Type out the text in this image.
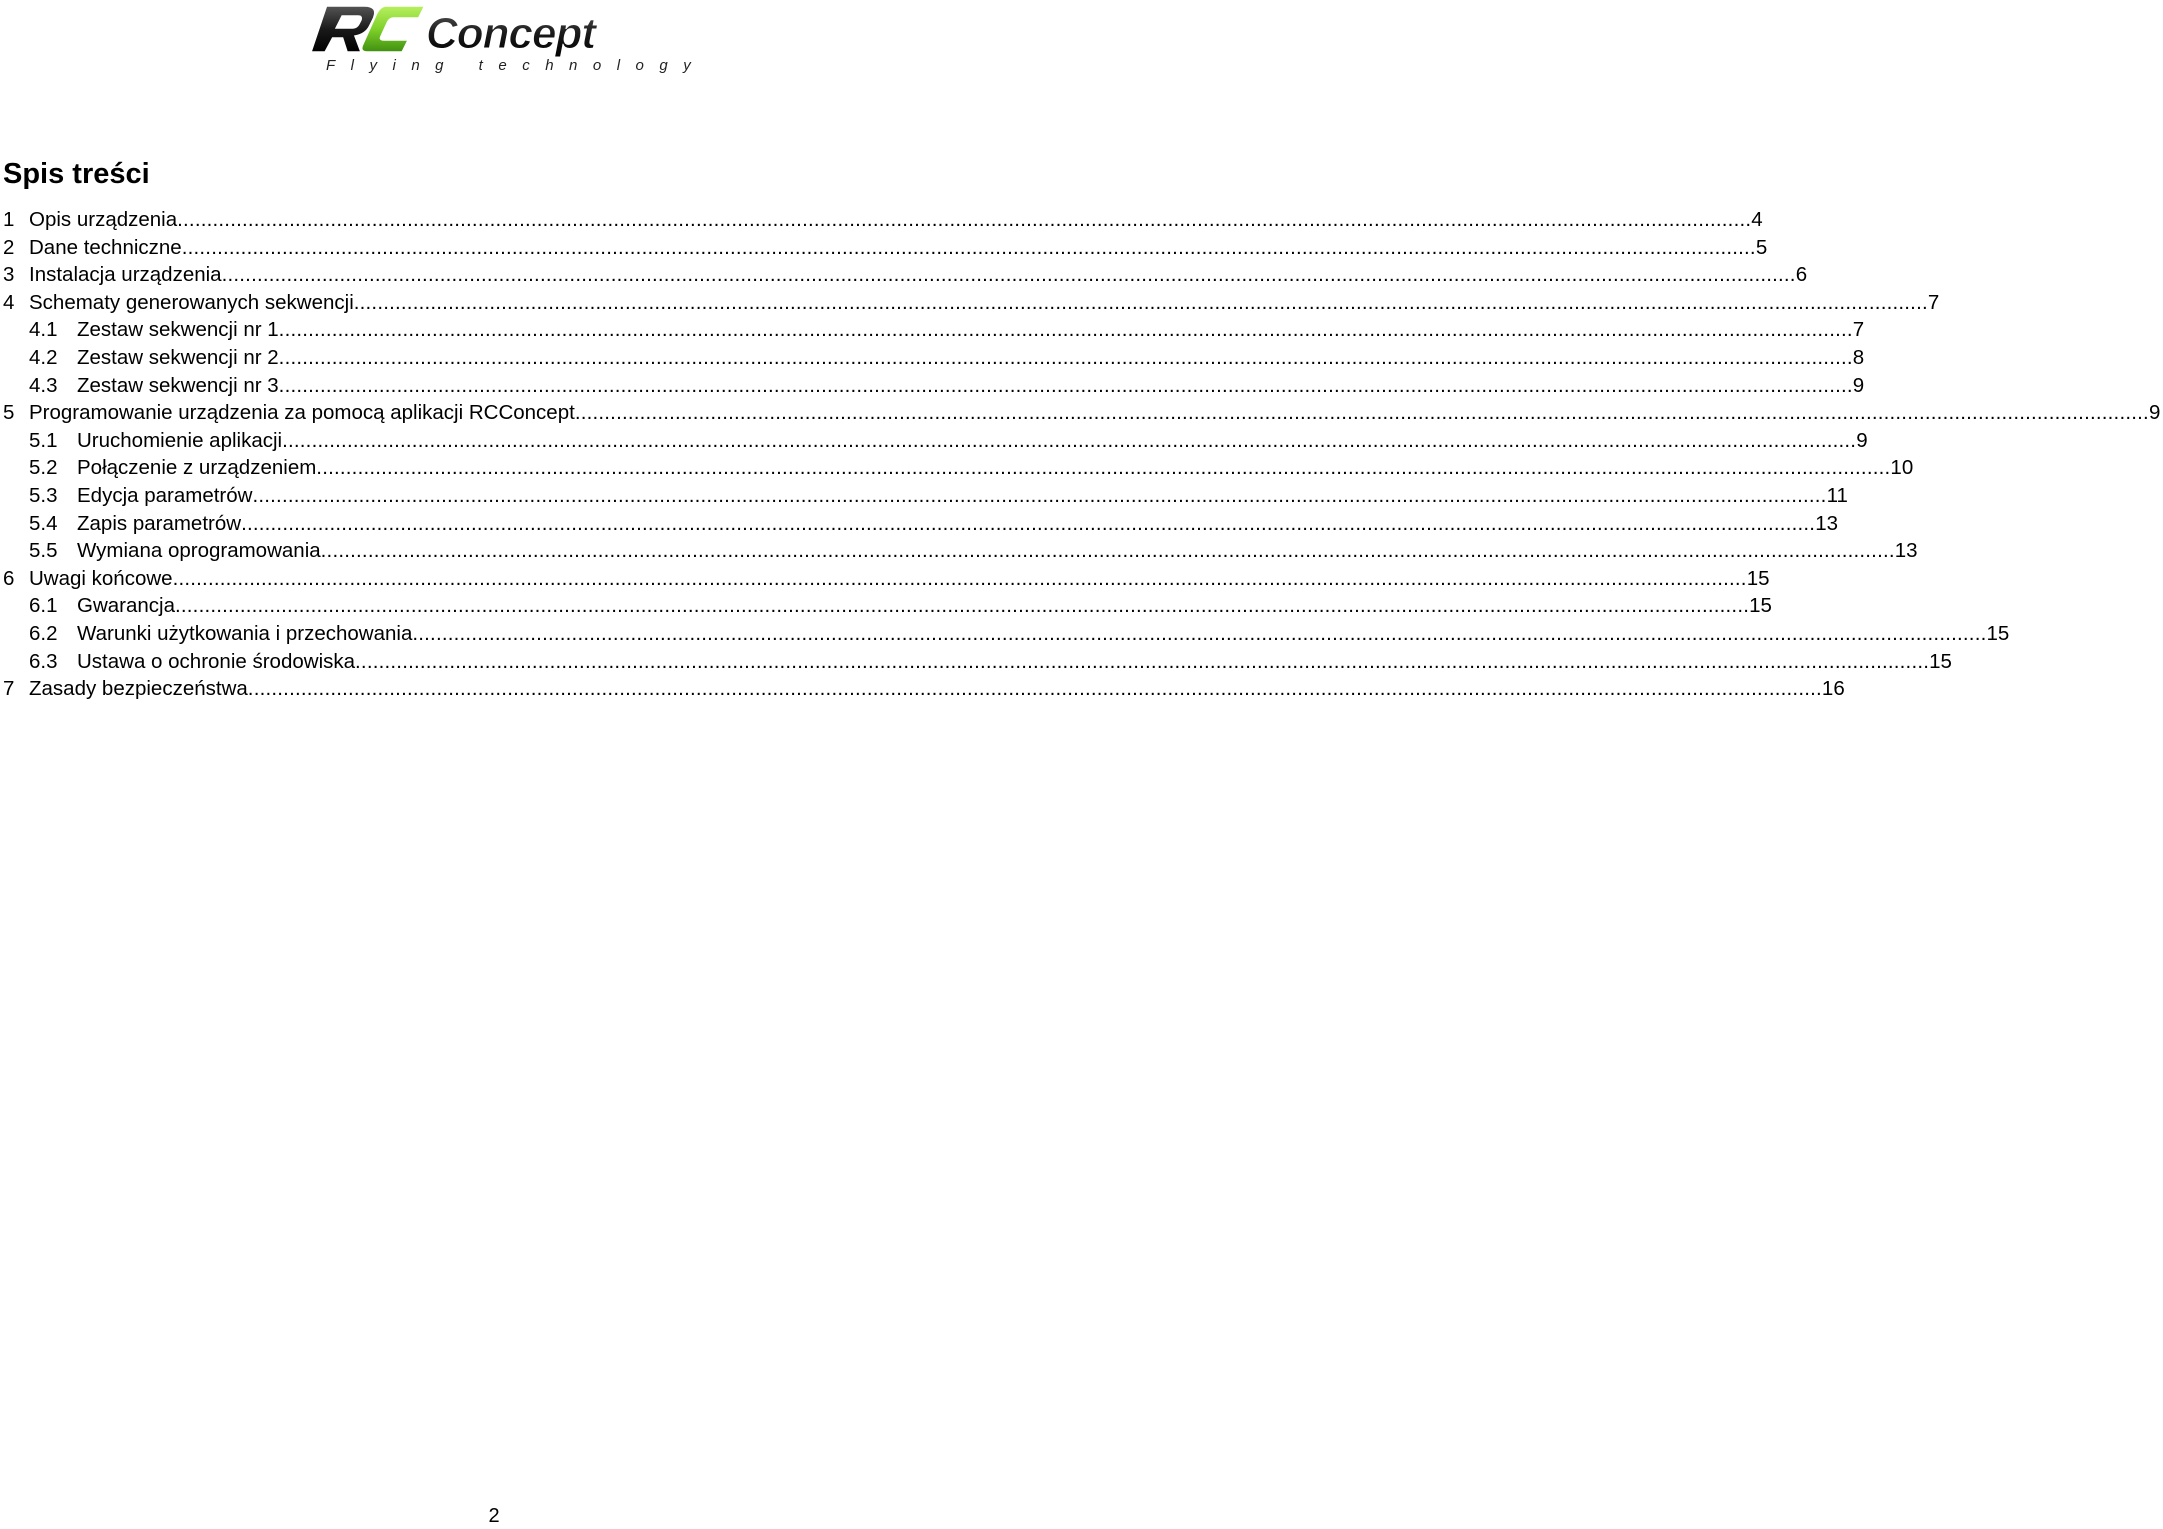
Concept
Flying technology
Spis treści
1 Opis urządzenia .....	4
2 Dane techniczne .....	5
3 Instalacja urządzenia .....	6
4 Schematy generowanych sekwencji .....	7
4.1 Zestaw sekwencji nr 1 .....	7
4.2 Zestaw sekwencji nr 2 .....	8
4.3 Zestaw sekwencji nr 3 .....	9
5 Programowanie urządzenia za pomocą aplikacji RCConcept .....	9
5.1 Uruchomienie aplikacji .....	9
5.2 Połączenie z urządzeniem .....	10
5.3 Edycja parametrów .....	11
5.4 Zapis parametrów .....	13
5.5 Wymiana oprogramowania .....	13
6 Uwagi końcowe .....	15
6.1 Gwarancja .....	15
6.2 Warunki użytkowania i przechowania .....	15
6.3 Ustawa o ochronie środowiska .....	15
7 Zasady bezpieczeństwa .....	16
2
